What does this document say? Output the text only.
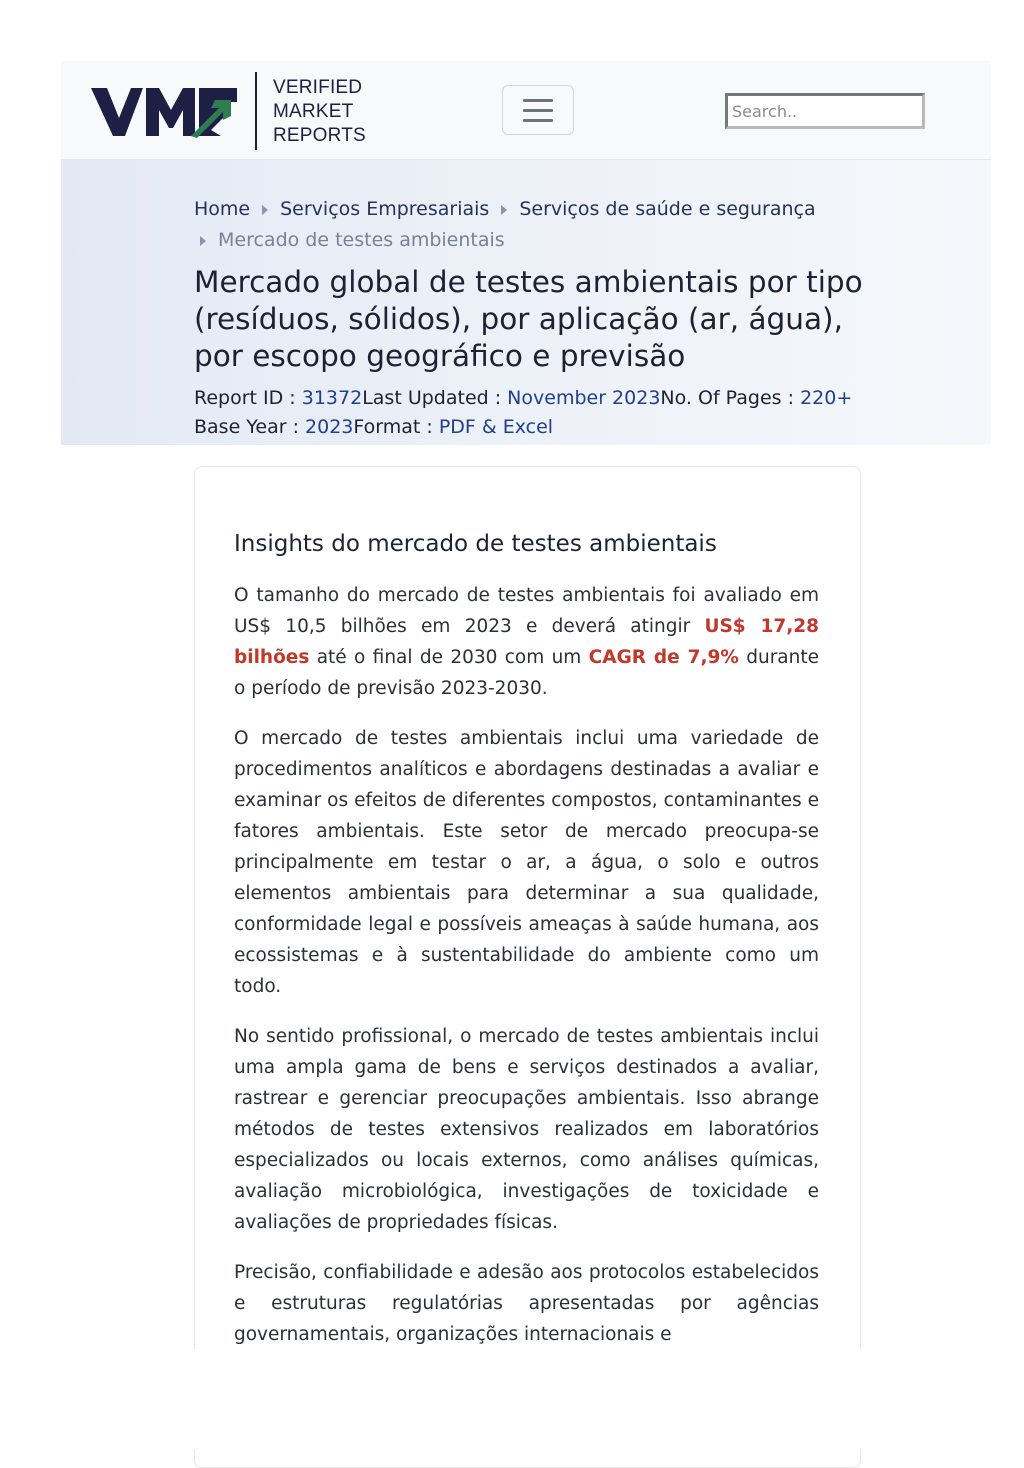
VERIFIED
MARKET
REPORTS
Search..
Home Serviços Empresariais Serviços de saúde e segurança
Mercado de testes ambientais
Mercado global de testes ambientais por tipo (resíduos, sólidos), por aplicação (ar, água), por escopo geográfico e previsão
Report ID : 31372Last Updated : November 2023No. Of Pages : 220+
Base Year : 2023Format : PDF & Excel
Insights do mercado de testes ambientais

O tamanho do mercado de testes ambientais foi avaliado em US$ 10,5 bilhões em 2023 e deverá atingir US$ 17,28 bilhões até o final de 2030 com um CAGR de 7,9% durante o período de previsão 2023-2030.

O mercado de testes ambientais inclui uma variedade de procedimentos analíticos e abordagens destinadas a avaliar e examinar os efeitos de diferentes compostos, contaminantes e fatores ambientais. Este setor de mercado preocupa-se principalmente em testar o ar, a água, o solo e outros elementos ambientais para determinar a sua qualidade, conformidade legal e possíveis ameaças à saúde humana, aos ecossistemas e à sustentabilidade do ambiente como um todo.

No sentido profissional, o mercado de testes ambientais inclui uma ampla gama de bens e serviços destinados a avaliar, rastrear e gerenciar preocupações ambientais. Isso abrange métodos de testes extensivos realizados em laboratórios especializados ou locais externos, como análises químicas, avaliação microbiológica, investigações de toxicidade e avaliações de propriedades físicas.

Precisão, confiabilidade e adesão aos protocolos estabelecidos e estruturas regulatórias apresentadas por agências governamentais, organizações internacionais e
